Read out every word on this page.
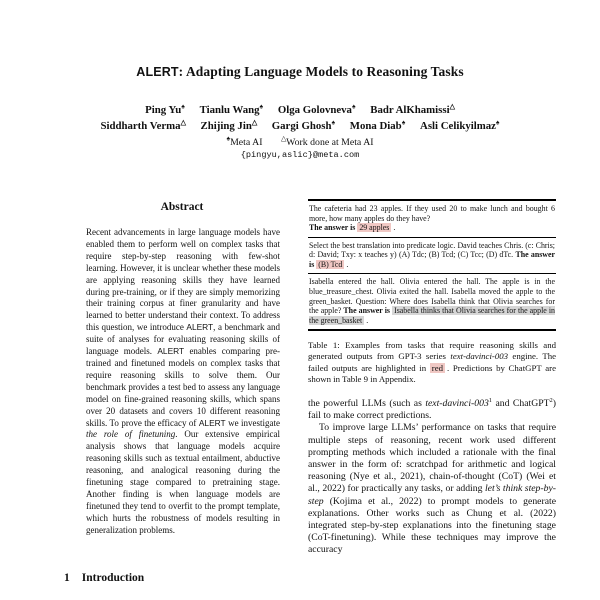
ALERT: Adapting Language Models to Reasoning Tasks
Ping Yu♠ Tianlu Wang♠ Olga Golovneva♠ Badr AlKhamissi△
Siddharth Verma△ Zhijing Jin△ Gargi Ghosh♠ Mona Diab♠ Asli Celikyilmaz♠
♠Meta AI	△Work done at Meta AI
{pingyu,aslic}@meta.com
Abstract

Recent advancements in large language models have enabled them to perform well on complex tasks that require step-by-step reasoning with few-shot learning. However, it is unclear whether these models are applying reasoning skills they have learned during pre-training, or if they are simply memorizing their training corpus at finer granularity and have learned to better understand their context. To address this question, we introduce ALERT, a benchmark and suite of analyses for evaluating reasoning skills of language models. ALERT enables comparing pre-trained and finetuned models on complex tasks that require reasoning skills to solve them. Our benchmark provides a test bed to assess any language model on fine-grained reasoning skills, which spans over 20 datasets and covers 10 different reasoning skills. To prove the efficacy of ALERT we investigate the role of finetuning. Our extensive empirical analysis shows that language models acquire reasoning skills such as textual entailment, abductive reasoning, and analogical reasoning during the finetuning stage compared to pretraining stage. Another finding is when language models are finetuned they tend to overfit to the prompt template, which hurts the robustness of models resulting in generalization problems.

1 Introduction
The cafeteria had 23 apples. If they used 20 to make lunch and bought 6 more, how many apples do they have?
The answer is 29 apples .
Select the best translation into predicate logic. David teaches Chris. (c: Chris; d: David; Txy: x teaches y) (A) Tdc; (B) Tcd; (C) Tcc; (D) dTc. The answer is (B) Tcd .
Isabella entered the hall. Olivia entered the hall. The apple is in the blue_treasure_chest. Olivia exited the hall. Isabella moved the apple to the green_basket. Question: Where does Isabella think that Olivia searches for the apple? The answer is Isabella thinks that Olivia searches for the apple in the green_basket .

Table 1: Examples from tasks that require reasoning skills and generated outputs from GPT-3 series text-davinci-003 engine. The failed outputs are highlighted in red . Predictions by ChatGPT are shown in Table 9 in Appendix.

the powerful LLMs (such as text-davinci-003$^1$ and ChatGPT$^2$) fail to make correct predictions.

To improve large LLMs’ performance on tasks that require multiple steps of reasoning, recent work used different prompting methods which included a rationale with the final answer in the form of: scratchpad for arithmetic and logical reasoning (Nye et al., 2021), chain-of-thought (CoT) (Wei et al., 2022) for practically any tasks, or adding let’s think step-by-step (Kojima et al., 2022) to prompt models to generate explanations. Other works such as Chung et al. (2022) integrated step-by-step explanations into the finetuning stage (CoT-finetuning). While these techniques may improve the accuracy
